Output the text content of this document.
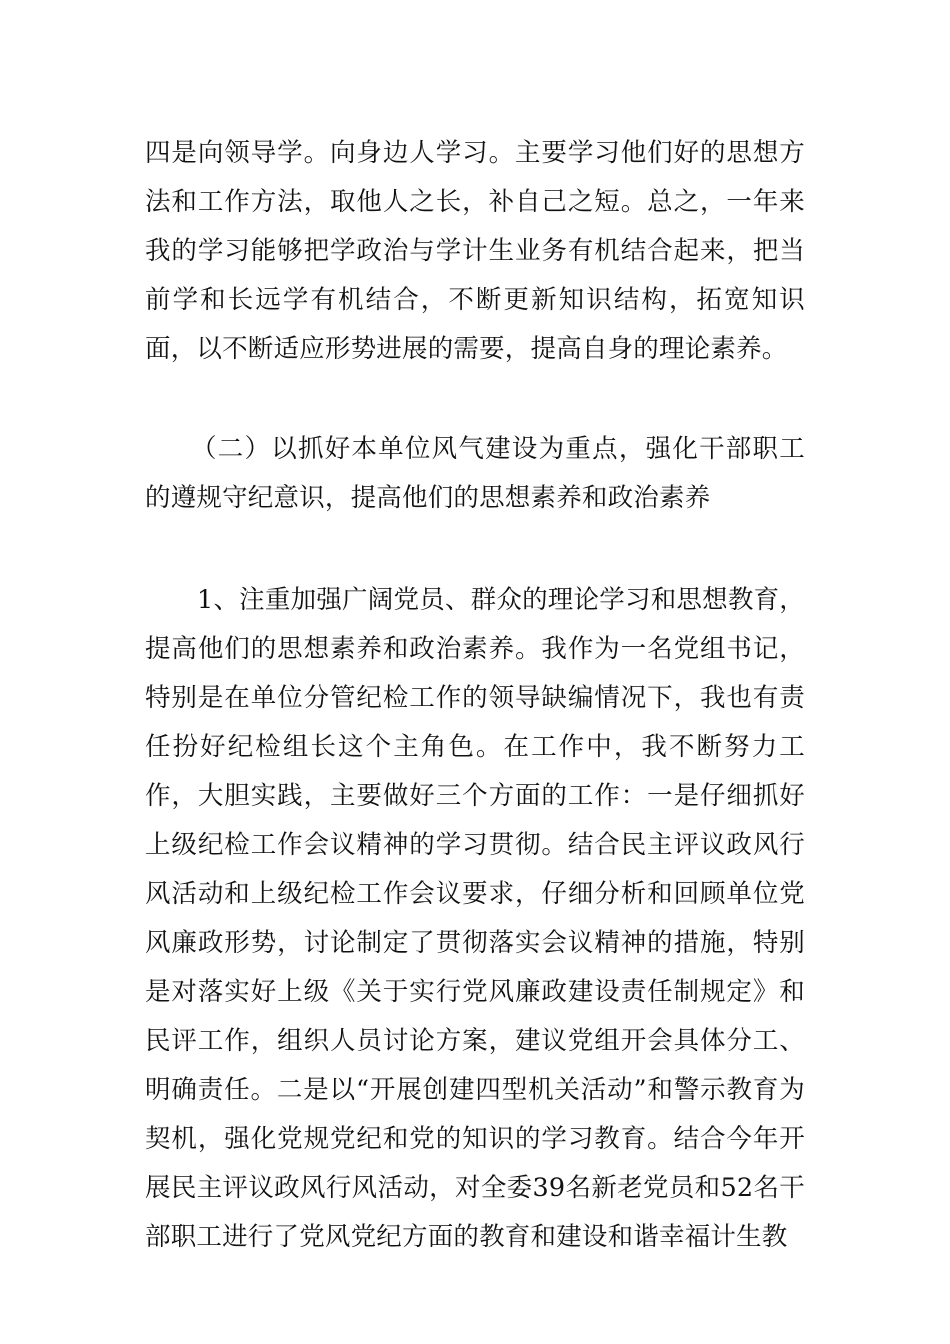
四是向领导学。向身边人学习。主要学习他们好的思想方法和工作方法，取他人之长，补自己之短。总之，一年来我的学习能够把学政治与学计生业务有机结合起来，把当前学和长远学有机结合，不断更新知识结构，拓宽知识面，以不断适应形势进展的需要，提高自身的理论素养。

（二）以抓好本单位风气建设为重点，强化干部职工的遵规守纪意识，提高他们的思想素养和政治素养

1、注重加强广阔党员、群众的理论学习和思想教育，提高他们的思想素养和政治素养。我作为一名党组书记，特别是在单位分管纪检工作的领导缺编情况下，我也有责任扮好纪检组长这个主角色。在工作中，我不断努力工作，大胆实践，主要做好三个方面的工作：一是仔细抓好上级纪检工作会议精神的学习贯彻。结合民主评议政风行风活动和上级纪检工作会议要求，仔细分析和回顾单位党风廉政形势，讨论制定了贯彻落实会议精神的措施，特别是对落实好上级《关于实行党风廉政建设责任制规定》和民评工作，组织人员讨论方案，建议党组开会具体分工、明确责任。二是以“开展创建四型机关活动”和警示教育为契机，强化党规党纪和党的知识的学习教育。结合今年开展民主评议政风行风活动，对全委39名新老党员和52名干部职工进行了党风党纪方面的教育和建设和谐幸福计生教
